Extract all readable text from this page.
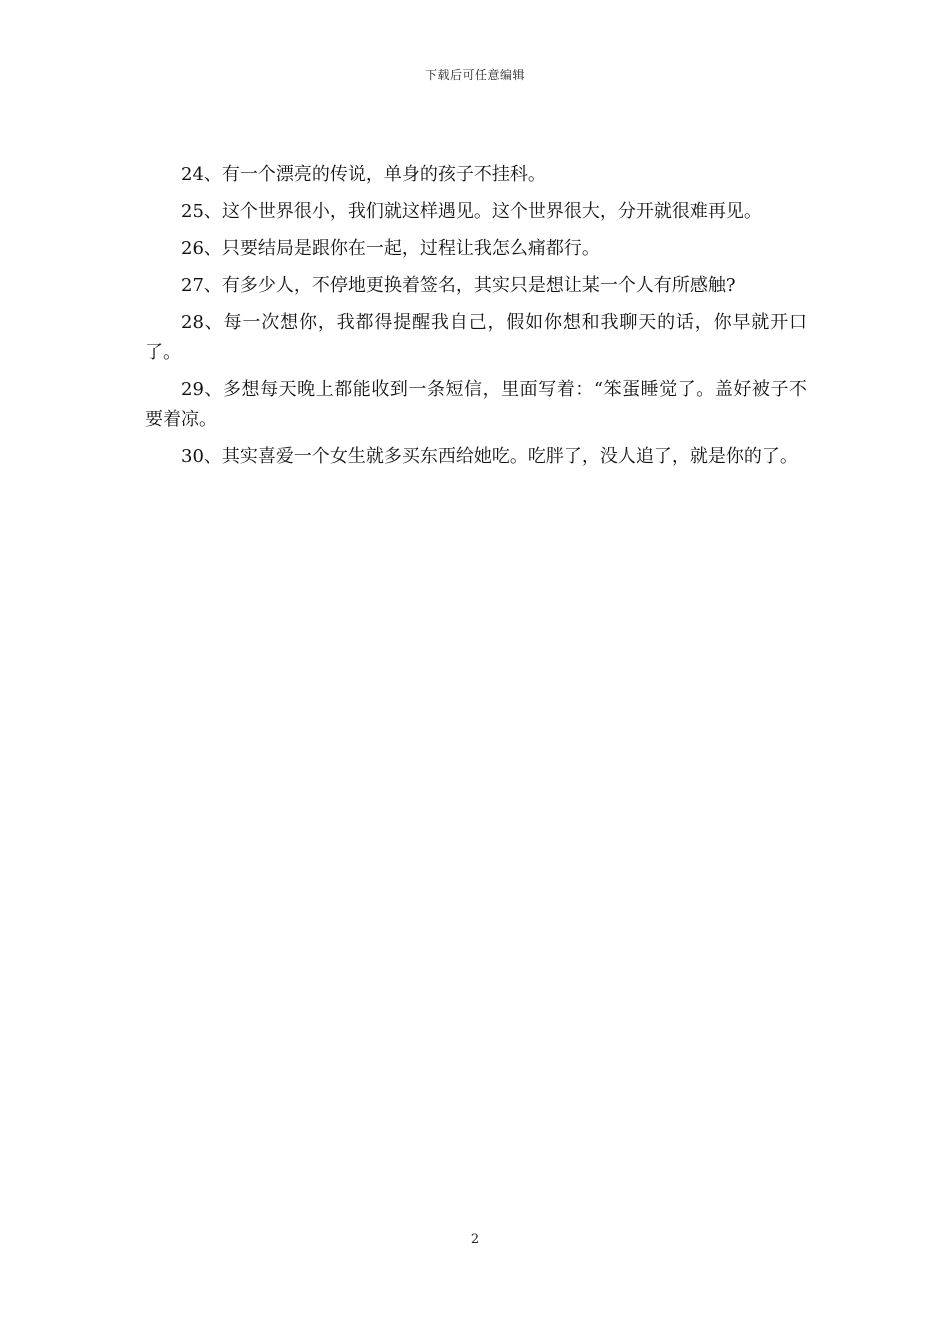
下载后可任意编辑

24、有一个漂亮的传说，单身的孩子不挂科。

25、这个世界很小，我们就这样遇见。这个世界很大，分开就很难再见。

26、只要结局是跟你在一起，过程让我怎么痛都行。

27、有多少人，不停地更换着签名，其实只是想让某一个人有所感触?

28、每一次想你，我都得提醒我自己，假如你想和我聊天的话，你早就开口了。

29、多想每天晚上都能收到一条短信，里面写着：“笨蛋睡觉了。盖好被子不要着凉。

30、其实喜爱一个女生就多买东西给她吃。吃胖了，没人追了，就是你的了。

2
